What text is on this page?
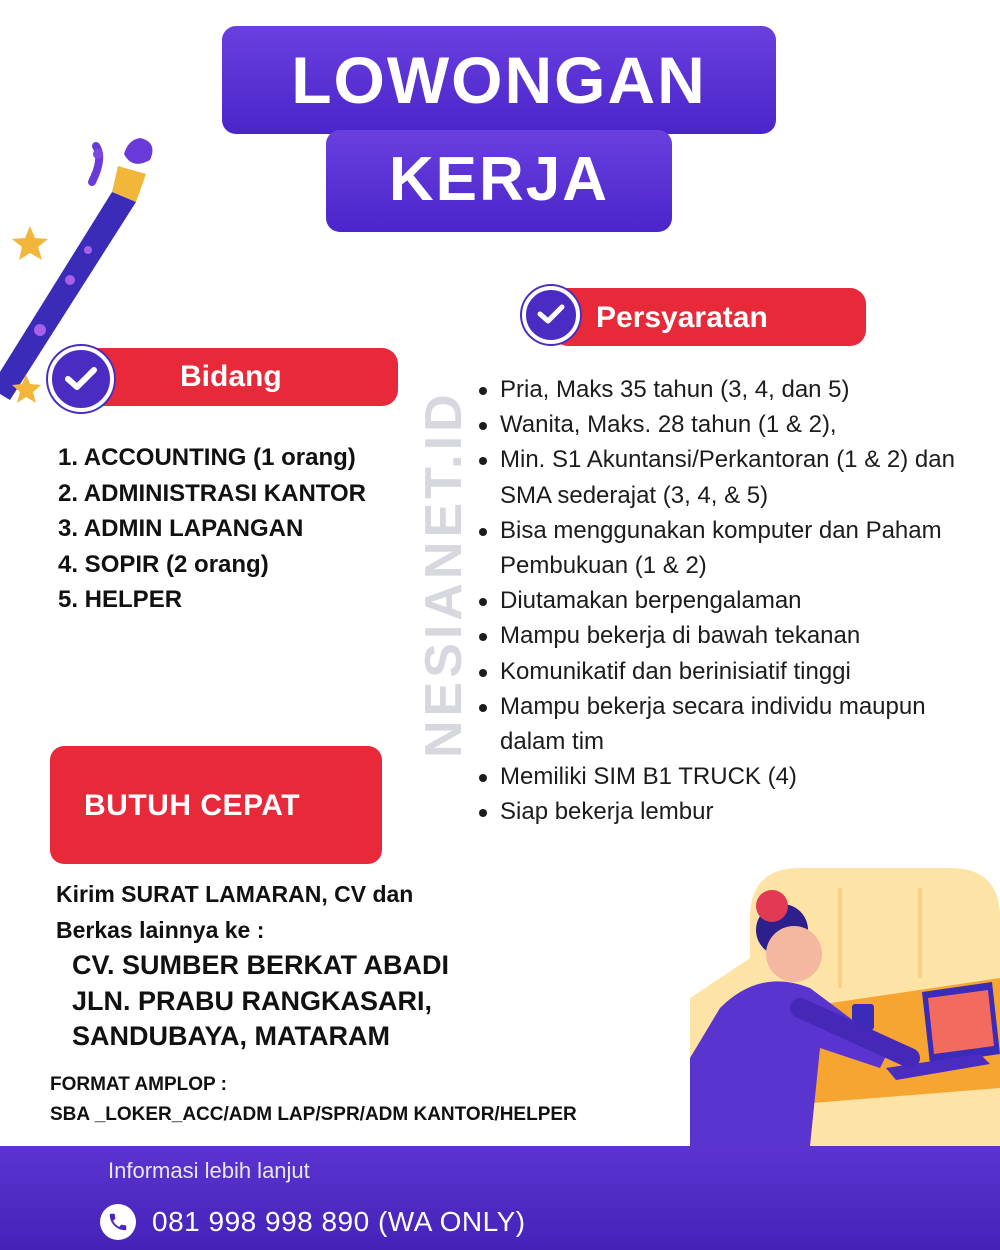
LOWONGAN
KERJA
Persyaratan
Bidang
1. ACCOUNTING (1 orang)
2. ADMINISTRASI KANTOR
3. ADMIN LAPANGAN
4. SOPIR (2 orang)
5. HELPER
Pria, Maks 35 tahun (3, 4, dan 5)
Wanita, Maks. 28 tahun (1 & 2),
Min. S1 Akuntansi/Perkantoran (1 & 2) dan SMA sederajat (3, 4, & 5)
Bisa menggunakan komputer dan Paham Pembukuan (1 & 2)
Diutamakan berpengalaman
Mampu bekerja di bawah tekanan
Komunikatif dan berinisiatif tinggi
Mampu bekerja secara individu maupun dalam tim
Memiliki SIM B1 TRUCK (4)
Siap bekerja lembur
NESIANET.ID
BUTUH CEPAT
Kirim SURAT LAMARAN, CV dan
Berkas lainnya ke :
CV. SUMBER BERKAT ABADI
JLN. PRABU RANGKASARI,
SANDUBAYA, MATARAM
FORMAT AMPLOP :
SBA _LOKER_ACC/ADM LAP/SPR/ADM KANTOR/HELPER
Informasi lebih lanjut
081 998 998 890 (WA ONLY)
